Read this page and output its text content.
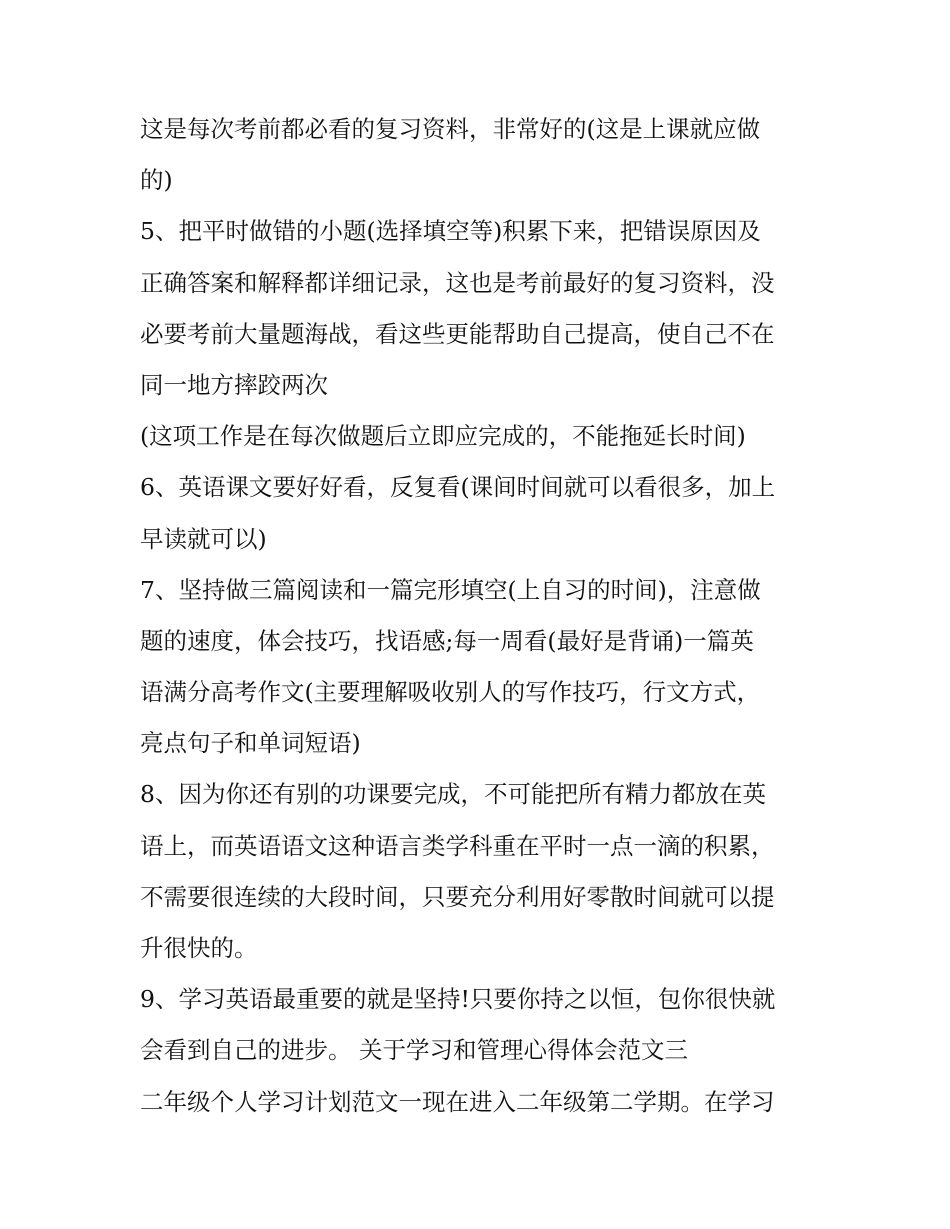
这是每次考前都必看的复习资料，非常好的(这是上课就应做
的)
5、把平时做错的小题(选择填空等)积累下来，把错误原因及
正确答案和解释都详细记录，这也是考前最好的复习资料，没
必要考前大量题海战，看这些更能帮助自己提高，使自己不在
同一地方摔跤两次
(这项工作是在每次做题后立即应完成的，不能拖延长时间)
6、英语课文要好好看，反复看(课间时间就可以看很多，加上
早读就可以)
7、坚持做三篇阅读和一篇完形填空(上自习的时间)，注意做
题的速度，体会技巧，找语感;每一周看(最好是背诵)一篇英
语满分高考作文(主要理解吸收别人的写作技巧，行文方式，
亮点句子和单词短语)
8、因为你还有别的功课要完成，不可能把所有精力都放在英
语上，而英语语文这种语言类学科重在平时一点一滴的积累，
不需要很连续的大段时间，只要充分利用好零散时间就可以提
升很快的。
9、学习英语最重要的就是坚持!只要你持之以恒，包你很快就
会看到自己的进步。 关于学习和管理心得体会范文三
二年级个人学习计划范文一现在进入二年级第二学期。在学习
